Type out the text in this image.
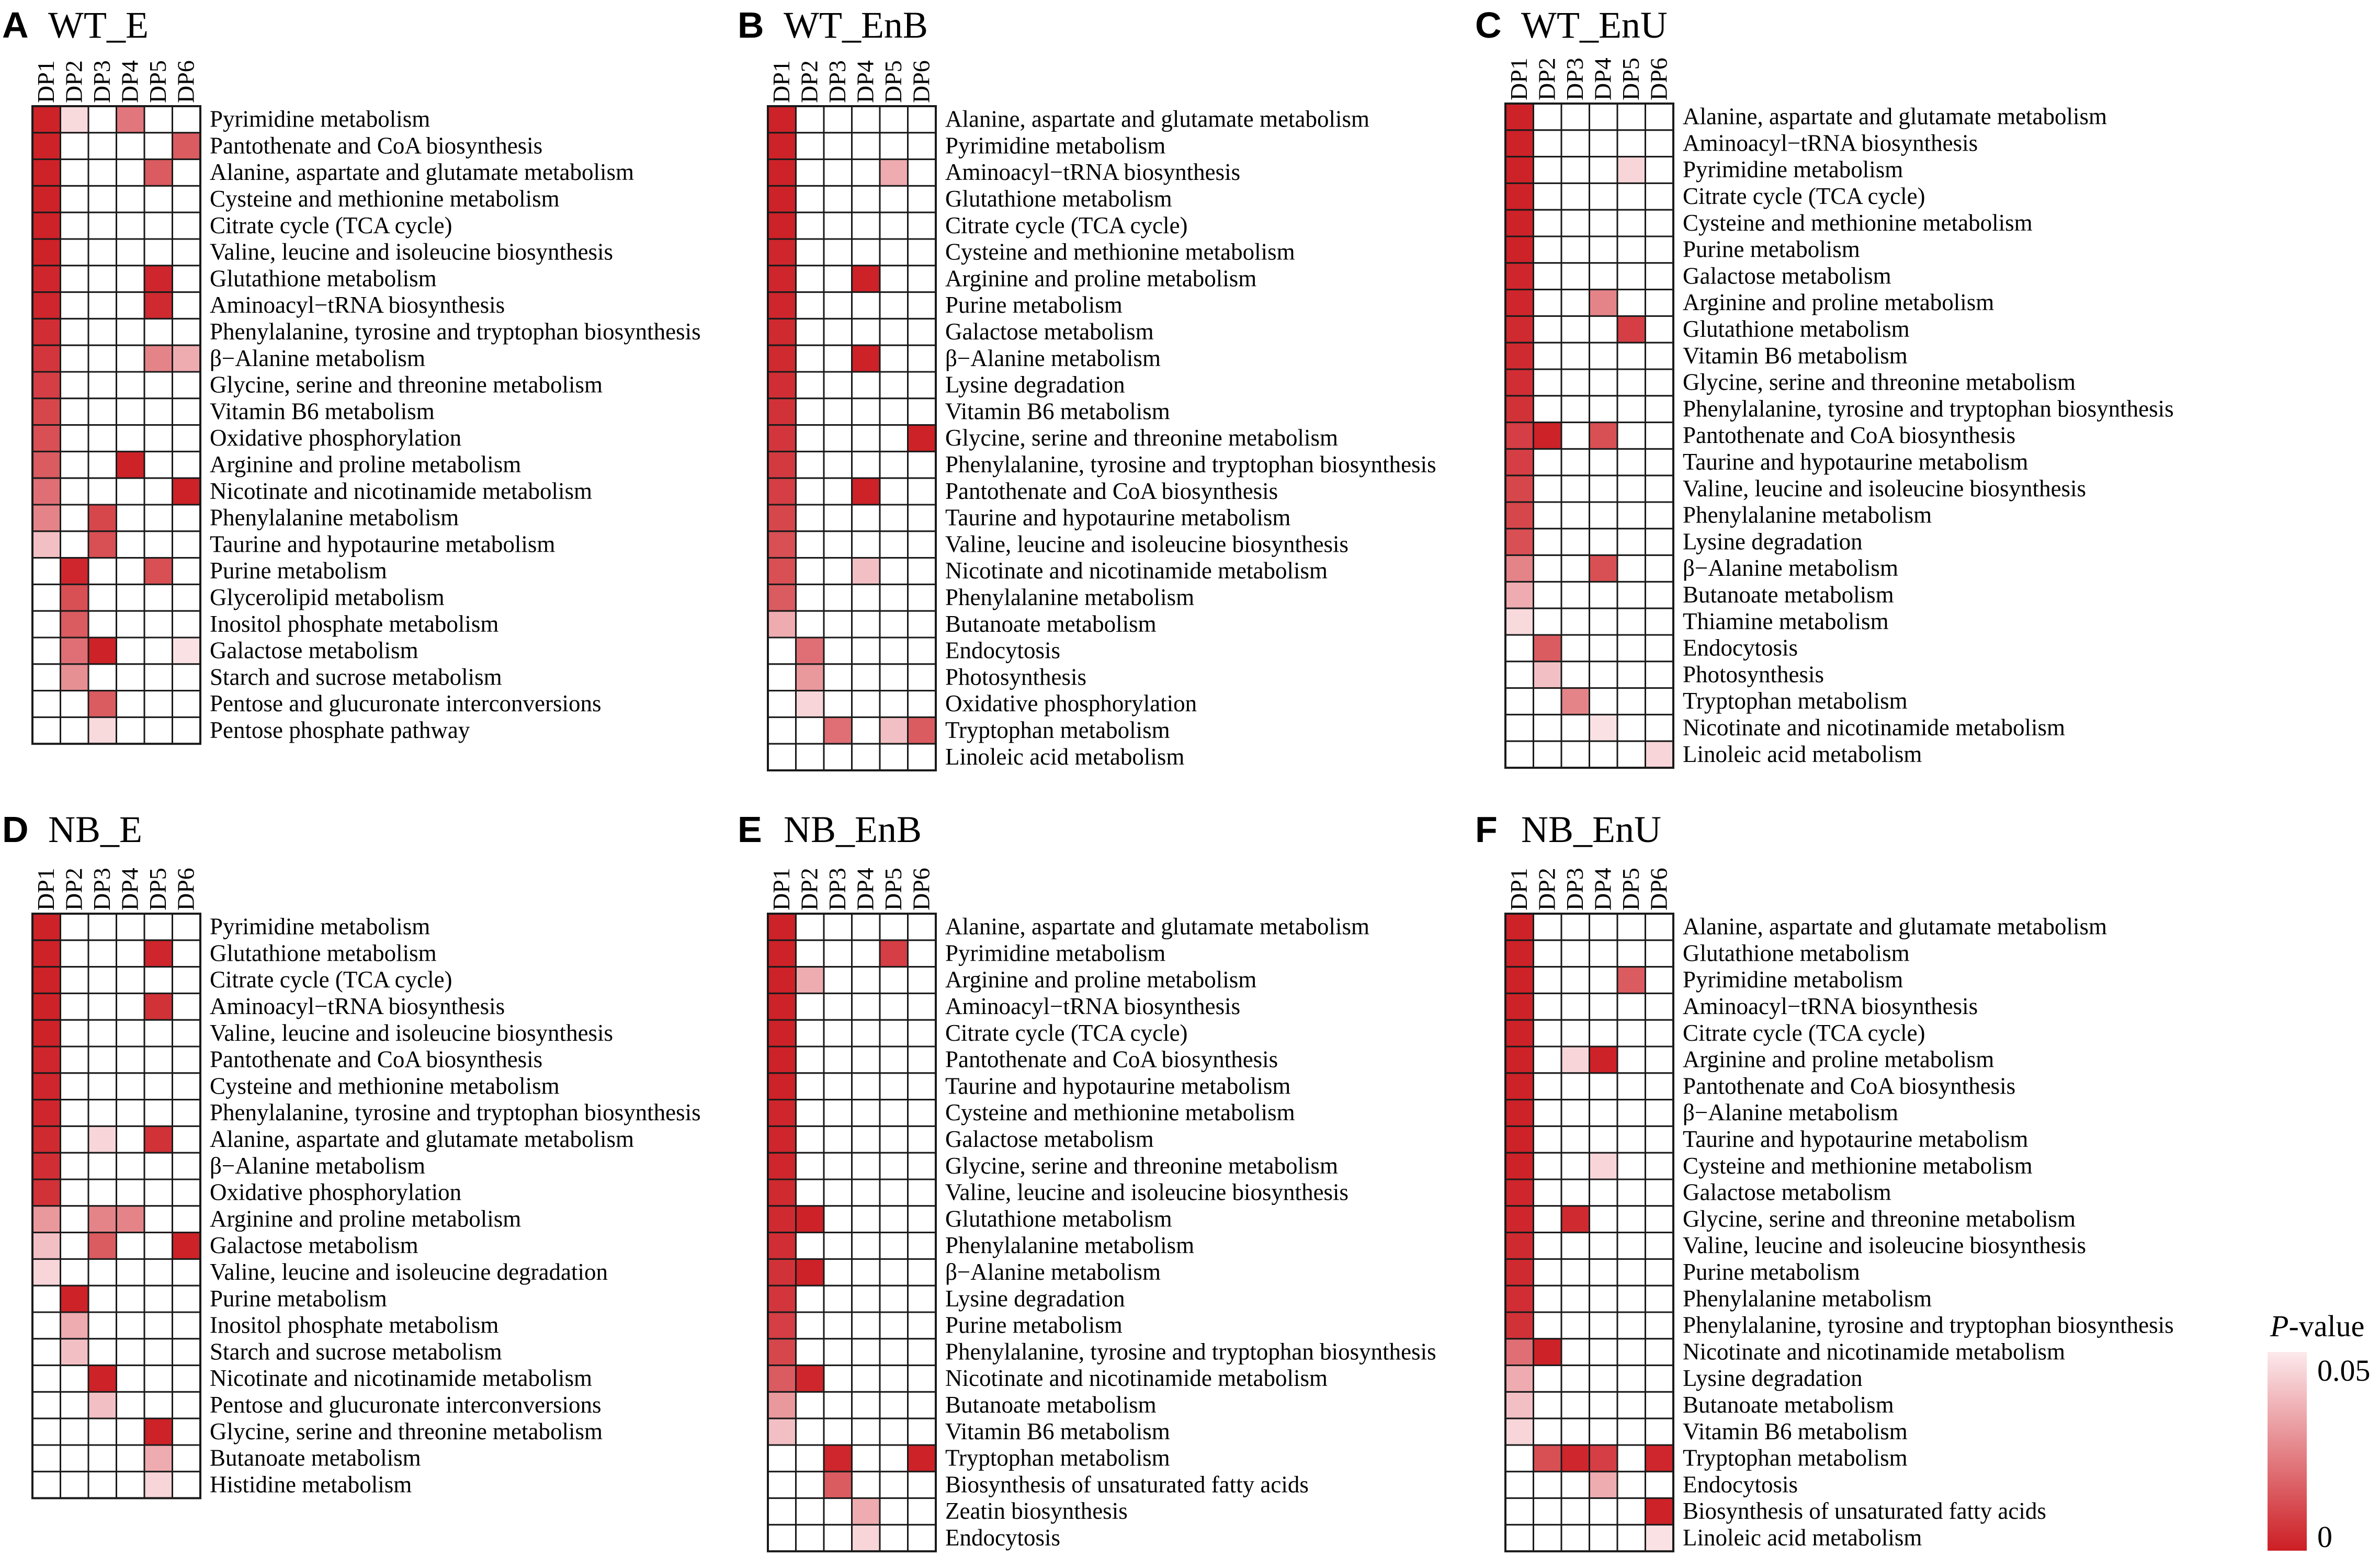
A WT_E
DP1 DP2 DP3 DP4 DP5 DP6
Pyrimidine metabolism
Pantothenate and CoA biosynthesis
Alanine, aspartate and glutamate metabolism
Cysteine and methionine metabolism
Citrate cycle (TCA cycle)
Valine, leucine and isoleucine biosynthesis
Glutathione metabolism
Aminoacyl−tRNA biosynthesis
Phenylalanine, tyrosine and tryptophan biosynthesis
β−Alanine metabolism
Glycine, serine and threonine metabolism
Vitamin B6 metabolism
Oxidative phosphorylation
Arginine and proline metabolism
Nicotinate and nicotinamide metabolism
Phenylalanine metabolism
Taurine and hypotaurine metabolism
Purine metabolism
Glycerolipid metabolism
Inositol phosphate metabolism
Galactose metabolism
Starch and sucrose metabolism
Pentose and glucuronate interconversions
Pentose phosphate pathway
B WT_EnB
DP1 DP2 DP3 DP4 DP5 DP6
Alanine, aspartate and glutamate metabolism
Pyrimidine metabolism
Aminoacyl−tRNA biosynthesis
Glutathione metabolism
Citrate cycle (TCA cycle)
Cysteine and methionine metabolism
Arginine and proline metabolism
Purine metabolism
Galactose metabolism
β−Alanine metabolism
Lysine degradation
Vitamin B6 metabolism
Glycine, serine and threonine metabolism
Phenylalanine, tyrosine and tryptophan biosynthesis
Pantothenate and CoA biosynthesis
Taurine and hypotaurine metabolism
Valine, leucine and isoleucine biosynthesis
Nicotinate and nicotinamide metabolism
Phenylalanine metabolism
Butanoate metabolism
Endocytosis
Photosynthesis
Oxidative phosphorylation
Tryptophan metabolism
Linoleic acid metabolism
C WT_EnU
DP1 DP2 DP3 DP4 DP5 DP6
Alanine, aspartate and glutamate metabolism
Aminoacyl−tRNA biosynthesis
Pyrimidine metabolism
Citrate cycle (TCA cycle)
Cysteine and methionine metabolism
Purine metabolism
Galactose metabolism
Arginine and proline metabolism
Glutathione metabolism
Vitamin B6 metabolism
Glycine, serine and threonine metabolism
Phenylalanine, tyrosine and tryptophan biosynthesis
Pantothenate and CoA biosynthesis
Taurine and hypotaurine metabolism
Valine, leucine and isoleucine biosynthesis
Phenylalanine metabolism
Lysine degradation
β−Alanine metabolism
Butanoate metabolism
Thiamine metabolism
Endocytosis
Photosynthesis
Tryptophan metabolism
Nicotinate and nicotinamide metabolism
Linoleic acid metabolism
D NB_E
DP1 DP2 DP3 DP4 DP5 DP6
Pyrimidine metabolism
Glutathione metabolism
Citrate cycle (TCA cycle)
Aminoacyl−tRNA biosynthesis
Valine, leucine and isoleucine biosynthesis
Pantothenate and CoA biosynthesis
Cysteine and methionine metabolism
Phenylalanine, tyrosine and tryptophan biosynthesis
Alanine, aspartate and glutamate metabolism
β−Alanine metabolism
Oxidative phosphorylation
Arginine and proline metabolism
Galactose metabolism
Valine, leucine and isoleucine degradation
Purine metabolism
Inositol phosphate metabolism
Starch and sucrose metabolism
Nicotinate and nicotinamide metabolism
Pentose and glucuronate interconversions
Glycine, serine and threonine metabolism
Butanoate metabolism
Histidine metabolism
E NB_EnB
DP1 DP2 DP3 DP4 DP5 DP6
Alanine, aspartate and glutamate metabolism
Pyrimidine metabolism
Arginine and proline metabolism
Aminoacyl−tRNA biosynthesis
Citrate cycle (TCA cycle)
Pantothenate and CoA biosynthesis
Taurine and hypotaurine metabolism
Cysteine and methionine metabolism
Galactose metabolism
Glycine, serine and threonine metabolism
Valine, leucine and isoleucine biosynthesis
Glutathione metabolism
Phenylalanine metabolism
β−Alanine metabolism
Lysine degradation
Purine metabolism
Phenylalanine, tyrosine and tryptophan biosynthesis
Nicotinate and nicotinamide metabolism
Butanoate metabolism
Vitamin B6 metabolism
Tryptophan metabolism
Biosynthesis of unsaturated fatty acids
Zeatin biosynthesis
Endocytosis
F NB_EnU
DP1 DP2 DP3 DP4 DP5 DP6
Alanine, aspartate and glutamate metabolism
Glutathione metabolism
Pyrimidine metabolism
Aminoacyl−tRNA biosynthesis
Citrate cycle (TCA cycle)
Arginine and proline metabolism
Pantothenate and CoA biosynthesis
β−Alanine metabolism
Taurine and hypotaurine metabolism
Cysteine and methionine metabolism
Galactose metabolism
Glycine, serine and threonine metabolism
Valine, leucine and isoleucine biosynthesis
Purine metabolism
Phenylalanine metabolism
Phenylalanine, tyrosine and tryptophan biosynthesis
Nicotinate and nicotinamide metabolism
Lysine degradation
Butanoate metabolism
Vitamin B6 metabolism
Tryptophan metabolism
Endocytosis
Biosynthesis of unsaturated fatty acids
Linoleic acid metabolism
P-value
0.05
0
